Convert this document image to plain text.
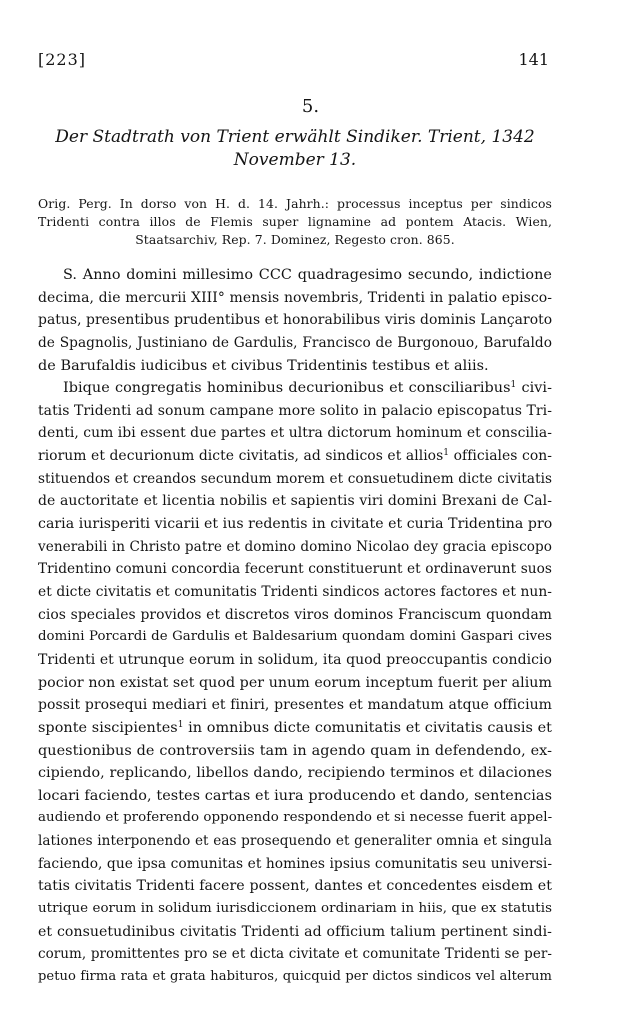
[223]	141
5.
Der Stadtrath von Trient erwählt Sindiker. Trient, 1342 November 13.
Orig. Perg. In dorso von H. d. 14. Jahrh.: processus inceptus per sindicos Tridenti contra illos de Flemis super lignamine ad pontem Atacis. Wien, Staatsarchiv, Rep. 7. Dominez, Regesto cron. 865.
S. Anno domini millesimo CCC quadragesimo secundo, indictione
decima, die mercurii XIII° mensis novembris, Tridenti in palatio episco-
patus, presentibus prudentibus et honorabilibus viris dominis Lançaroto
de Spagnolis, Justiniano de Gardulis, Francisco de Burgonouo, Barufaldo
de Barufaldis iudicibus et civibus Tridentinis testibus et aliis.
Ibique congregatis hominibus decurionibus et consciliaribus$^1$ civi-
tatis Tridenti ad sonum campane more solito in palacio episcopatus Tri-
denti, cum ibi essent due partes et ultra dictorum hominum et conscilia-
riorum et decurionum dicte civitatis, ad sindicos et allios$^1$ officiales con-
stituendos et creandos secundum morem et consuetudinem dicte civitatis
de auctoritate et licentia nobilis et sapientis viri domini Brexani de Cal-
caria iurisperiti vicarii et ius redentis in civitate et curia Tridentina pro
venerabili in Christo patre et domino domino Nicolao dey gracia episcopo
Tridentino comuni concordia fecerunt constituerunt et ordinaverunt suos
et dicte civitatis et comunitatis Tridenti sindicos actores factores et nun-
cios speciales providos et discretos viros dominos Franciscum quondam
domini Porcardi de Gardulis et Baldesarium quondam domini Gaspari cives
Tridenti et utrunque eorum in solidum, ita quod preoccupantis condicio
pocior non existat set quod per unum eorum inceptum fuerit per alium
possit prosequi mediari et finiri, presentes et mandatum atque officium
sponte siscipientes$^1$ in omnibus dicte comunitatis et civitatis causis et
questionibus de controversiis tam in agendo quam in defendendo, ex-
cipiendo, replicando, libellos dando, recipiendo terminos et dilaciones
locari faciendo, testes cartas et iura producendo et dando, sentencias
audiendo et proferendo opponendo respondendo et si necesse fuerit appel-
lationes interponendo et eas prosequendo et generaliter omnia et singula
faciendo, que ipsa comunitas et homines ipsius comunitatis seu universi-
tatis civitatis Tridenti facere possent, dantes et concedentes eisdem et
utrique eorum in solidum iurisdiccionem ordinariam in hiis, que ex statutis
et consuetudinibus civitatis Tridenti ad officium talium pertinent sindi-
corum, promittentes pro se et dicta civitate et comunitate Tridenti se per-
petuo firma rata et grata habituros, quicquid per dictos sindicos vel alterum
